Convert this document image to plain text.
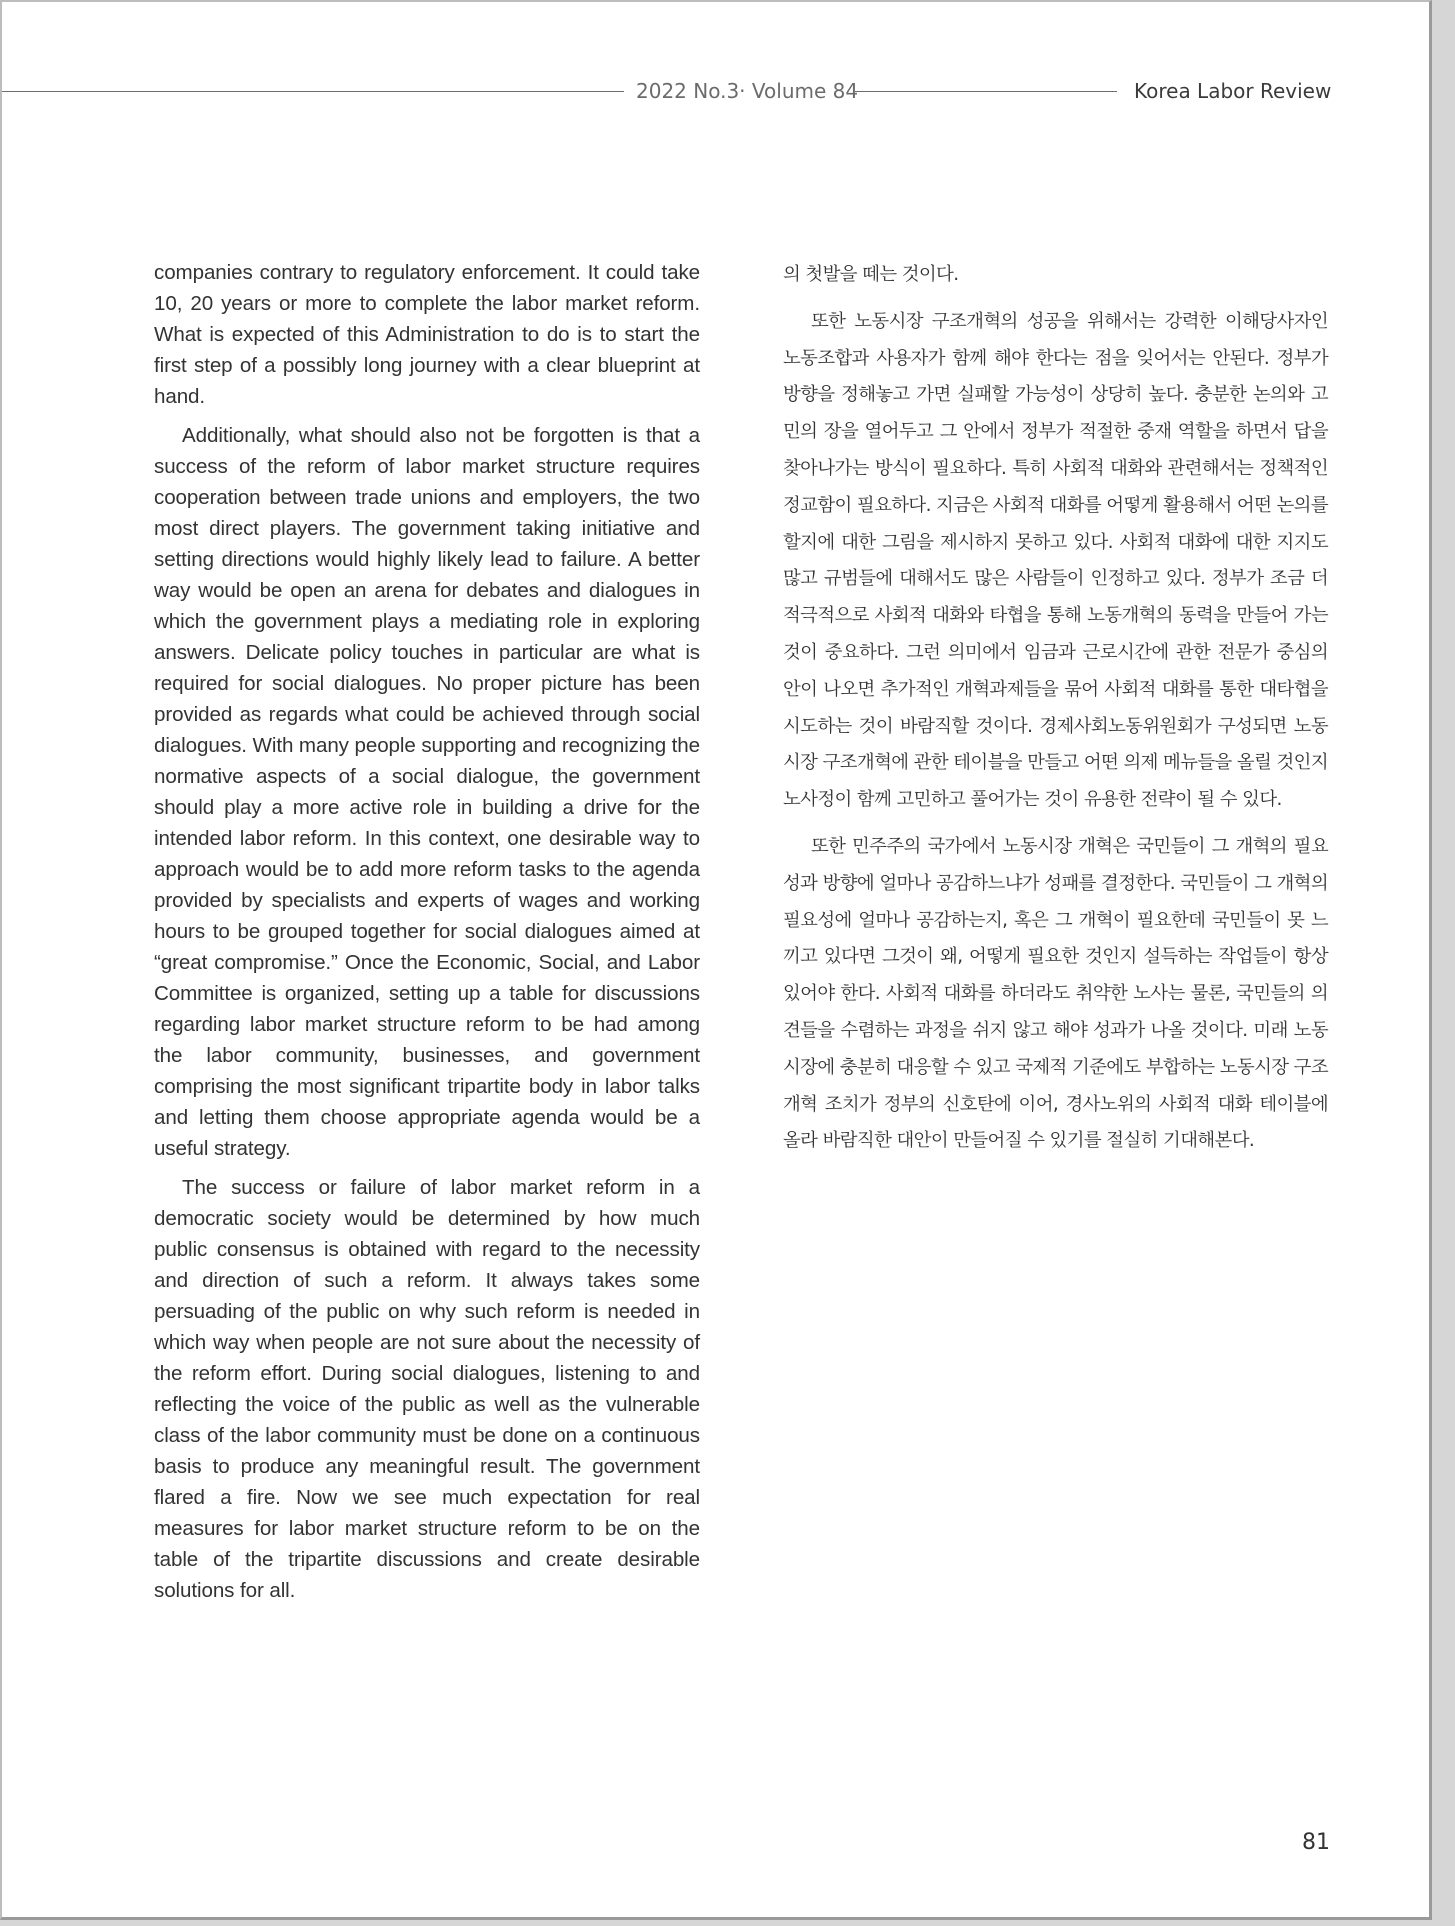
2022 No.3· Volume 84	Korea Labor Review

companies contrary to regulatory enforcement. It could take 10, 20 years or more to complete the labor market reform. What is expected of this Administration to do is to start the first step of a possibly long journey with a clear blueprint at hand.

Additionally, what should also not be forgotten is that a success of the reform of labor market structure requires cooperation between trade unions and employers, the two most direct players. The government taking initiative and setting directions would highly likely lead to failure. A better way would be open an arena for debates and dialogues in which the government plays a mediating role in exploring answers. Delicate policy touches in particular are what is required for social dialogues. No proper picture has been provided as regards what could be achieved through social dialogues. With many people supporting and recognizing the normative aspects of a social dialogue, the government should play a more active role in building a drive for the intended labor reform. In this context, one desirable way to approach would be to add more reform tasks to the agenda provided by specialists and experts of wages and working hours to be grouped together for social dialogues aimed at “great compromise.” Once the Economic, Social, and Labor Committee is organized, setting up a table for discussions regarding labor market structure reform to be had among the labor community, businesses, and government comprising the most significant tripartite body in labor talks and letting them choose appropriate agenda would be a useful strategy.

The success or failure of labor market reform in a democratic society would be determined by how much public consensus is obtained with regard to the necessity and direction of such a reform. It always takes some persuading of the public on why such reform is needed in which way when people are not sure about the necessity of the reform effort. During social dialogues, listening to and reflecting the voice of the public as well as the vulnerable class of the labor community must be done on a continuous basis to produce any meaningful result. The government flared a fire. Now we see much expectation for real measures for labor market structure reform to be on the table of the tripartite discussions and create desirable solutions for all.

의 첫발을 떼는 것이다.

또한 노동시장 구조개혁의 성공을 위해서는 강력한 이해당사자인 노동조합과 사용자가 함께 해야 한다는 점을 잊어서는 안된다. 정부가 방향을 정해놓고 가면 실패할 가능성이 상당히 높다. 충분한 논의와 고민의 장을 열어두고 그 안에서 정부가 적절한 중재 역할을 하면서 답을 찾아나가는 방식이 필요하다. 특히 사회적 대화와 관련해서는 정책적인 정교함이 필요하다. 지금은 사회적 대화를 어떻게 활용해서 어떤 논의를 할지에 대한 그림을 제시하지 못하고 있다. 사회적 대화에 대한 지지도 많고 규범들에 대해서도 많은 사람들이 인정하고 있다. 정부가 조금 더 적극적으로 사회적 대화와 타협을 통해 노동개혁의 동력을 만들어 가는 것이 중요하다. 그런 의미에서 임금과 근로시간에 관한 전문가 중심의 안이 나오면 추가적인 개혁과제들을 묶어 사회적 대화를 통한 대타협을 시도하는 것이 바람직할 것이다. 경제사회노동위원회가 구성되면 노동시장 구조개혁에 관한 테이블을 만들고 어떤 의제 메뉴들을 올릴 것인지 노사정이 함께 고민하고 풀어가는 것이 유용한 전략이 될 수 있다.

또한 민주주의 국가에서 노동시장 개혁은 국민들이 그 개혁의 필요성과 방향에 얼마나 공감하느냐가 성패를 결정한다. 국민들이 그 개혁의 필요성에 얼마나 공감하는지, 혹은 그 개혁이 필요한데 국민들이 못 느끼고 있다면 그것이 왜, 어떻게 필요한 것인지 설득하는 작업들이 항상 있어야 한다. 사회적 대화를 하더라도 취약한 노사는 물론, 국민들의 의견들을 수렴하는 과정을 쉬지 않고 해야 성과가 나올 것이다. 미래 노동시장에 충분히 대응할 수 있고 국제적 기준에도 부합하는 노동시장 구조개혁 조치가 정부의 신호탄에 이어, 경사노위의 사회적 대화 테이블에 올라 바람직한 대안이 만들어질 수 있기를 절실히 기대해본다.

81
